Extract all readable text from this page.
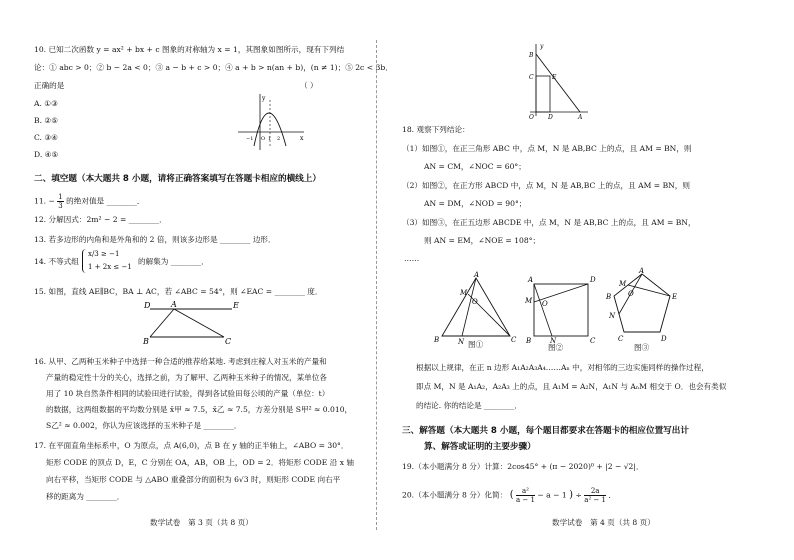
10. 已知二次函数 y = ax² + bx + c 图象的对称轴为 x = 1，其图象如图所示，现有下列结
论：① abc > 0；② b − 2a < 0；③ a − b + c > 0；④ a + b > n(an + b)，(n ≠ 1)；⑤ 2c < 3b．
正确的是	（ ）
A. ①③
B. ②⑤
C. ③④
D. ④⑤
y
x
O 1 2
−1
二、填空题（本大题共 8 小题，请将正确答案填写在答题卡相应的横线上）
11. − $\frac{1}{3}$ 的绝对值是 ________．
12. 分解因式：2m² − 2 = ________．
13. 若多边形的内角和是外角和的 2 倍，则该多边形是 ________ 边形．
14. 不等式组
x/3 ≥ −1
1 + 2x ≤ −1
的解集为 ________．
15. 如图，直线 AE∥BC，BA ⊥ AC，若 ∠ABC = 54°，则 ∠EAC = ________ 度．
D	A	E
B	C
16. 从甲、乙两种玉米种子中选择一种合适的推荐给某地. 考虑到庄稼人对玉米的产量和
产量的稳定性十分的关心，选择之前，为了解甲、乙两种玉米种子的情况，某单位各
用了 10 块自然条件相同的试验田进行试验，得到各试验田每公顷的产量（单位：t）
的数据，这两组数据的平均数分别是 x̄甲 ≈ 7.5，x̄乙 ≈ 7.5，方差分别是 S甲² ≈ 0.010，
S乙² ≈ 0.002，你认为应该选择的玉米种子是 ________．
17. 在平面直角坐标系中，O 为原点，点 A(6,0)，点 B 在 y 轴的正半轴上，∠ABO = 30°．
矩形 CODE 的顶点 D，E，C 分别在 OA，AB，OB 上，OD = 2．将矩形 CODE 沿 x 轴
向右平移，当矩形 CODE 与 △ABO 重叠部分的面积为 6√3 时，则矩形 CODE 向右平
移的距离为 ________．
数学试卷　第 3 页（共 8 页）
y
B
C	E
O D	A
18. 观察下列结论：
（1）如图①，在正三角形 ABC 中，点 M，N 是 AB,BC 上的点，且 AM = BN，则
AN = CM，∠NOC = 60°；
（2）如图②，在正方形 ABCD 中，点 M，N 是 AB,BC 上的点，且 AM = BN，则
AN = DM，∠NOD = 90°；
（3）如图③，在正五边形 ABCDE 中，点 M，N 是 AB,BC 上的点，且 AM = BN，
则 AN = EM，∠NOE = 108°；
……
A
M
O
B	N	C
图①
A	D
M O
B	N	C
图②
A
M
E
O
B
N
C	D
图③
根据以上规律，在正 n 边形 A₁A₂A₃A₄……Aₙ 中，对相邻的三边实施同样的操作过程，
即点 M，N 是 A₁A₂，A₂A₃ 上的点，且 A₁M = A₂N，A₁N 与 AₙM 相交于 O．也会有类似
的结论. 你的结论是 ________．
三、解答题（本大题共 8 小题，每个题目都要求在答题卡的相应位置写出计
算、解答或证明的主要步骤）
19.（本小题满分 8 分）计算：2cos45° + (π − 2020)⁰ + |2 − √2|．
20.（本小题满分 8 分）化简： ( $\frac{\text{a²}}{a - 1} - a - 1$ ) ÷ $\frac{2a}{\text{a² − 1}}$ ．
数学试卷　第 4 页（共 8 页）
